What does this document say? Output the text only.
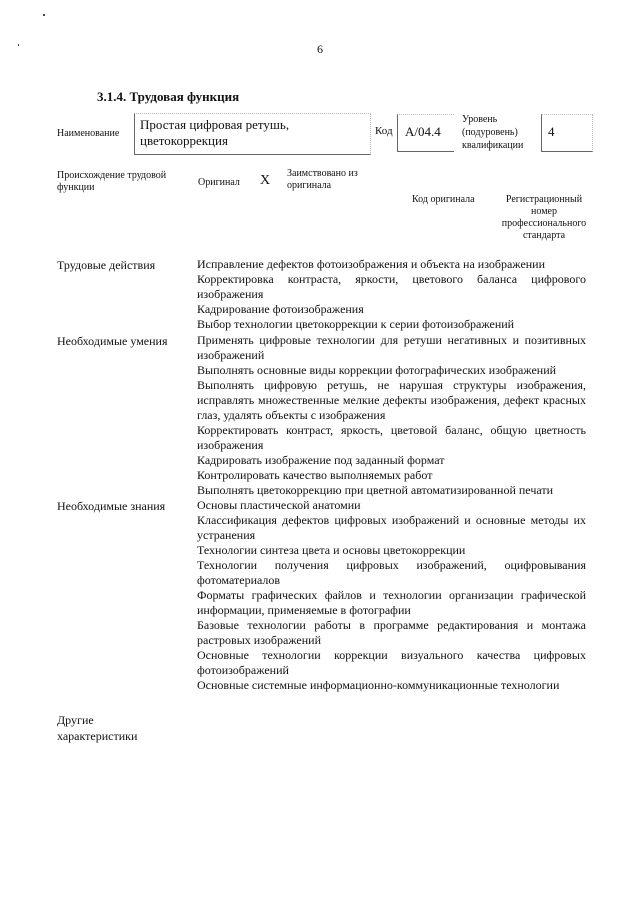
6
3.1.4. Трудовая функция
Наименование
Простая цифровая ретушь, цветокоррекция
Код A/04.4
Уровень (подуровень) квалификации
4
Происхождение трудовой функции	Оригинал X Заимствовано из оригинала
Код оригинала	Регистрационный номер профессионального стандарта
Трудовые действия	Исправление дефектов фотоизображения и объекта на изображении
Корректировка контраста, яркости, цветового баланса цифрового изображения
Кадрирование фотоизображения
Выбор технологии цветокоррекции к серии фотоизображений
Необходимые умения Применять цифровые технологии для ретуши негативных и позитивных изображений
Выполнять основные виды коррекции фотографических изображений
Выполнять цифровую ретушь, не нарушая структуры изображения, исправлять множественные мелкие дефекты изображения, дефект красных глаз, удалять объекты с изображения
Корректировать контраст, яркость, цветовой баланс, общую цветность изображения
Кадрировать изображение под заданный формат
Контролировать качество выполняемых работ
Выполнять цветокоррекцию при цветной автоматизированной печати
Необходимые знания	Основы пластической анатомии
Классификация дефектов цифровых изображений и основные методы их устранения
Технологии синтеза цвета и основы цветокоррекции
Технологии получения цифровых изображений, оцифровывания фотоматериалов
Форматы графических файлов и технологии организации графической информации, применяемые в фотографии
Базовые технологии работы в программе редактирования и монтажа растровых изображений
Основные технологии коррекции визуального качества цифровых фотоизображений
Основные системные информационно-коммуникационные технологии
Другие характеристики
